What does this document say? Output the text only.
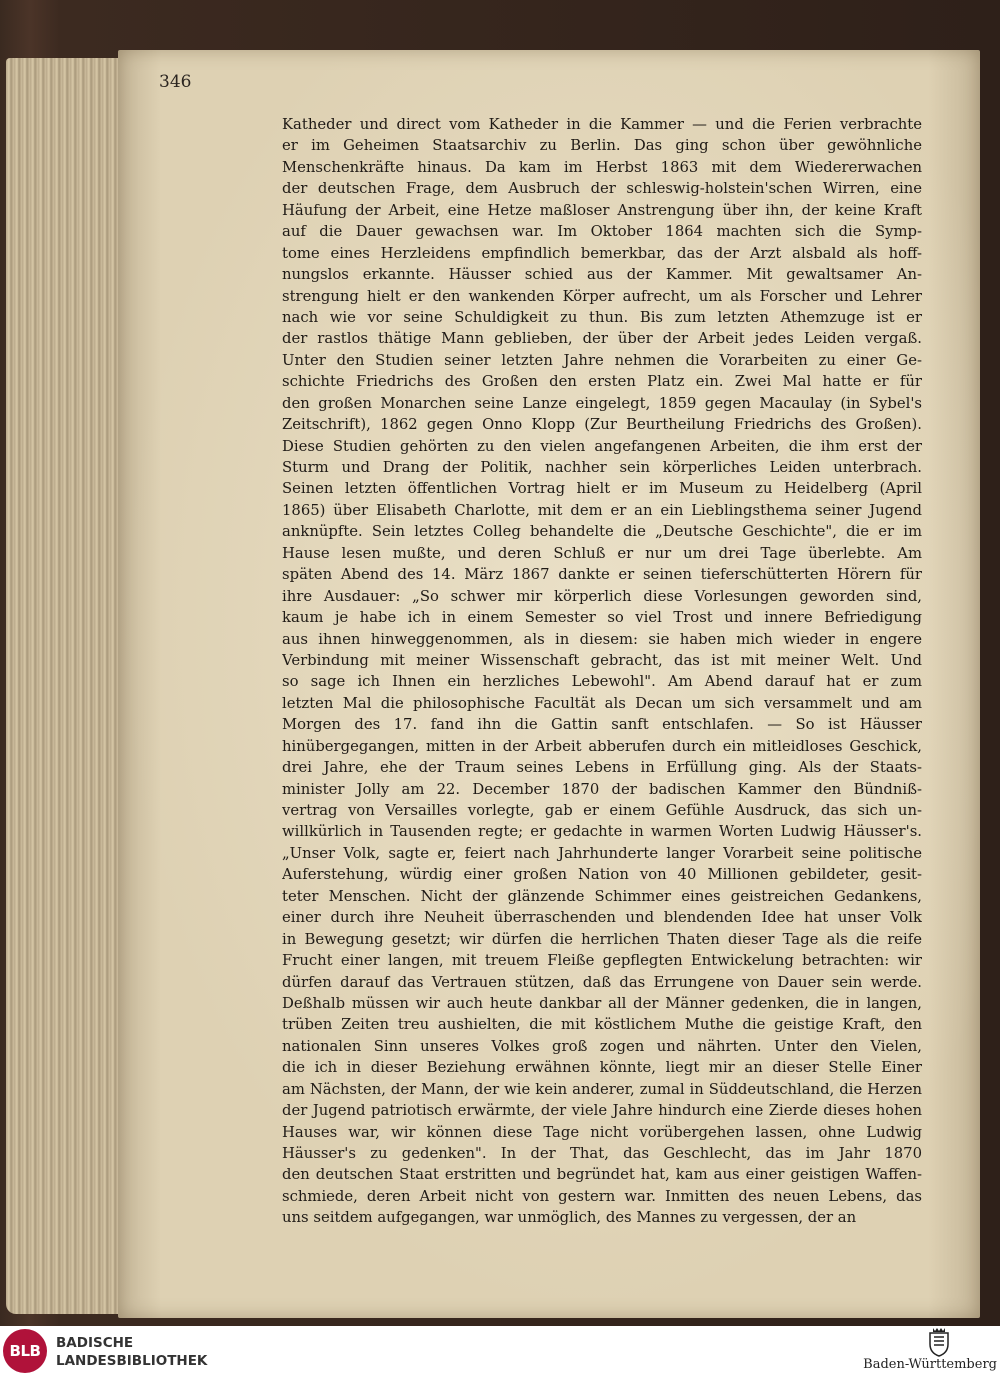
346
Katheder und direct vom Katheder in die Kammer — und die Ferien verbrachte
er im Geheimen Staatsarchiv zu Berlin. Das ging schon über gewöhnliche
Menschenkräfte hinaus. Da kam im Herbst 1863 mit dem Wiedererwachen
der deutschen Frage, dem Ausbruch der schleswig-holstein'schen Wirren, eine
Häufung der Arbeit, eine Hetze maßloser Anstrengung über ihn, der keine Kraft
auf die Dauer gewachsen war. Im Oktober 1864 machten sich die Symp-
tome eines Herzleidens empfindlich bemerkbar, das der Arzt alsbald als hoff-
nungslos erkannte. Häusser schied aus der Kammer. Mit gewaltsamer An-
strengung hielt er den wankenden Körper aufrecht, um als Forscher und Lehrer
nach wie vor seine Schuldigkeit zu thun. Bis zum letzten Athemzuge ist er
der rastlos thätige Mann geblieben, der über der Arbeit jedes Leiden vergaß.
Unter den Studien seiner letzten Jahre nehmen die Vorarbeiten zu einer Ge-
schichte Friedrichs des Großen den ersten Platz ein. Zwei Mal hatte er für
den großen Monarchen seine Lanze eingelegt, 1859 gegen Macaulay (in Sybel's
Zeitschrift), 1862 gegen Onno Klopp (Zur Beurtheilung Friedrichs des Großen).
Diese Studien gehörten zu den vielen angefangenen Arbeiten, die ihm erst der
Sturm und Drang der Politik, nachher sein körperliches Leiden unterbrach.
Seinen letzten öffentlichen Vortrag hielt er im Museum zu Heidelberg (April
1865) über Elisabeth Charlotte, mit dem er an ein Lieblingsthema seiner Jugend
anknüpfte. Sein letztes Colleg behandelte die „Deutsche Geschichte", die er im
Hause lesen mußte, und deren Schluß er nur um drei Tage überlebte. Am
späten Abend des 14. März 1867 dankte er seinen tieferschütterten Hörern für
ihre Ausdauer: „So schwer mir körperlich diese Vorlesungen geworden sind,
kaum je habe ich in einem Semester so viel Trost und innere Befriedigung
aus ihnen hinweggenommen, als in diesem: sie haben mich wieder in engere
Verbindung mit meiner Wissenschaft gebracht, das ist mit meiner Welt. Und
so sage ich Ihnen ein herzliches Lebewohl". Am Abend darauf hat er zum
letzten Mal die philosophische Facultät als Decan um sich versammelt und am
Morgen des 17. fand ihn die Gattin sanft entschlafen. — So ist Häusser
hinübergegangen, mitten in der Arbeit abberufen durch ein mitleidloses Geschick,
drei Jahre, ehe der Traum seines Lebens in Erfüllung ging. Als der Staats-
minister Jolly am 22. December 1870 der badischen Kammer den Bündniß-
vertrag von Versailles vorlegte, gab er einem Gefühle Ausdruck, das sich un-
willkürlich in Tausenden regte; er gedachte in warmen Worten Ludwig Häusser's.
„Unser Volk, sagte er, feiert nach Jahrhunderte langer Vorarbeit seine politische
Auferstehung, würdig einer großen Nation von 40 Millionen gebildeter, gesit-
teter Menschen. Nicht der glänzende Schimmer eines geistreichen Gedankens,
einer durch ihre Neuheit überraschenden und blendenden Idee hat unser Volk
in Bewegung gesetzt; wir dürfen die herrlichen Thaten dieser Tage als die reife
Frucht einer langen, mit treuem Fleiße gepflegten Entwickelung betrachten: wir
dürfen darauf das Vertrauen stützen, daß das Errungene von Dauer sein werde.
Deßhalb müssen wir auch heute dankbar all der Männer gedenken, die in langen,
trüben Zeiten treu aushielten, die mit köstlichem Muthe die geistige Kraft, den
nationalen Sinn unseres Volkes groß zogen und nährten. Unter den Vielen,
die ich in dieser Beziehung erwähnen könnte, liegt mir an dieser Stelle Einer
am Nächsten, der Mann, der wie kein anderer, zumal in Süddeutschland, die Herzen
der Jugend patriotisch erwärmte, der viele Jahre hindurch eine Zierde dieses hohen
Hauses war, wir können diese Tage nicht vorübergehen lassen, ohne Ludwig
Häusser's zu gedenken". In der That, das Geschlecht, das im Jahr 1870
den deutschen Staat erstritten und begründet hat, kam aus einer geistigen Waffen-
schmiede, deren Arbeit nicht von gestern war. Inmitten des neuen Lebens, das
uns seitdem aufgegangen, war unmöglich, des Mannes zu vergessen, der an
BLB	BADISCHE
LANDESBIBLIOTHEK	Baden-Württemberg
